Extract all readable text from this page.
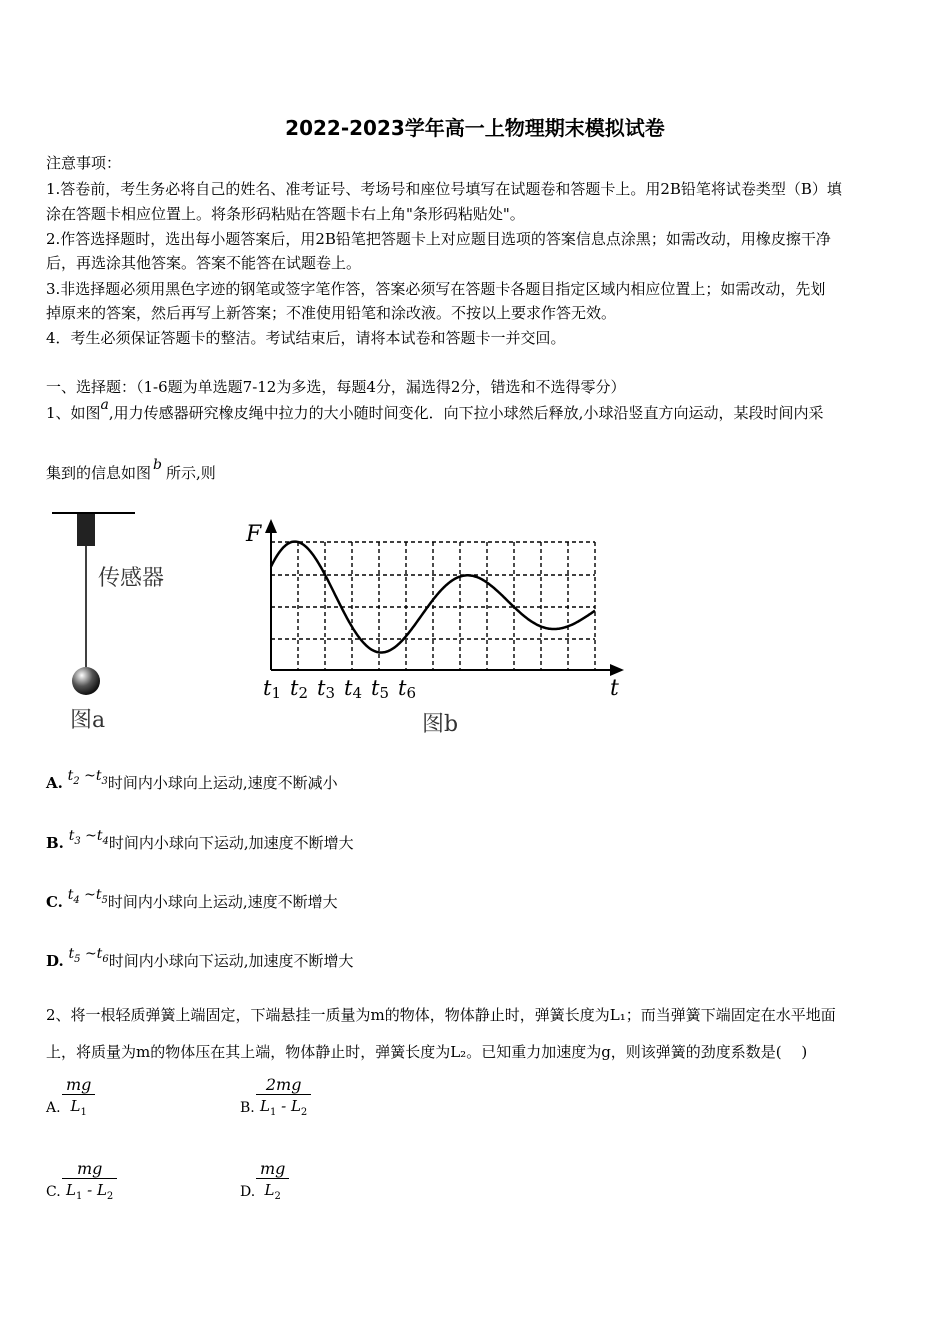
2022-2023学年高一上物理期末模拟试卷
注意事项：
1.答卷前，考生务必将自己的姓名、准考证号、考场号和座位号填写在试题卷和答题卡上。用2B铅笔将试卷类型（B）填
涂在答题卡相应位置上。将条形码粘贴在答题卡右上角"条形码粘贴处"。
2.作答选择题时，选出每小题答案后，用2B铅笔把答题卡上对应题目选项的答案信息点涂黑；如需改动，用橡皮擦干净
后，再选涂其他答案。答案不能答在试题卷上。
3.非选择题必须用黑色字迹的钢笔或签字笔作答，答案必须写在答题卡各题目指定区域内相应位置上；如需改动，先划
掉原来的答案，然后再写上新答案；不准使用铅笔和涂改液。不按以上要求作答无效。
4．考生必须保证答题卡的整洁。考试结束后，请将本试卷和答题卡一并交回。
一、选择题：（1-6题为单选题7-12为多选，每题4分，漏选得2分，错选和不选得零分）
1、如图a,用力传感器研究橡皮绳中拉力的大小随时间变化．向下拉小球然后释放,小球沿竖直方向运动，某段时间内采
集到的信息如图 b 所示,则
传感器
图a
F
t
t1 t2 t3 t4 t5 t6
图b
A. $t_2$ $\sim t_3$时间内小球向上运动,速度不断减小
B. $t_3$ $\sim t_4$时间内小球向下运动,加速度不断增大
C. $t_4$ $\sim t_5$时间内小球向上运动,速度不断增大
D. $t_5$ $\sim t_6$时间内小球向下运动,加速度不断增大
2、将一根轻质弹簧上端固定，下端悬挂一质量为m的物体，物体静止时，弹簧长度为L₁；而当弹簧下端固定在水平地面
上，将质量为m的物体压在其上端，物体静止时，弹簧长度为L₂。已知重力加速度为g，则该弹簧的劲度系数是(　 )
A. $\frac{mg}{L_1}$	B. $\frac{2mg}{L_1 - L_2}$
C. $\frac{mg}{L_1 - L_2}$	D. $\frac{mg}{L_2}$
